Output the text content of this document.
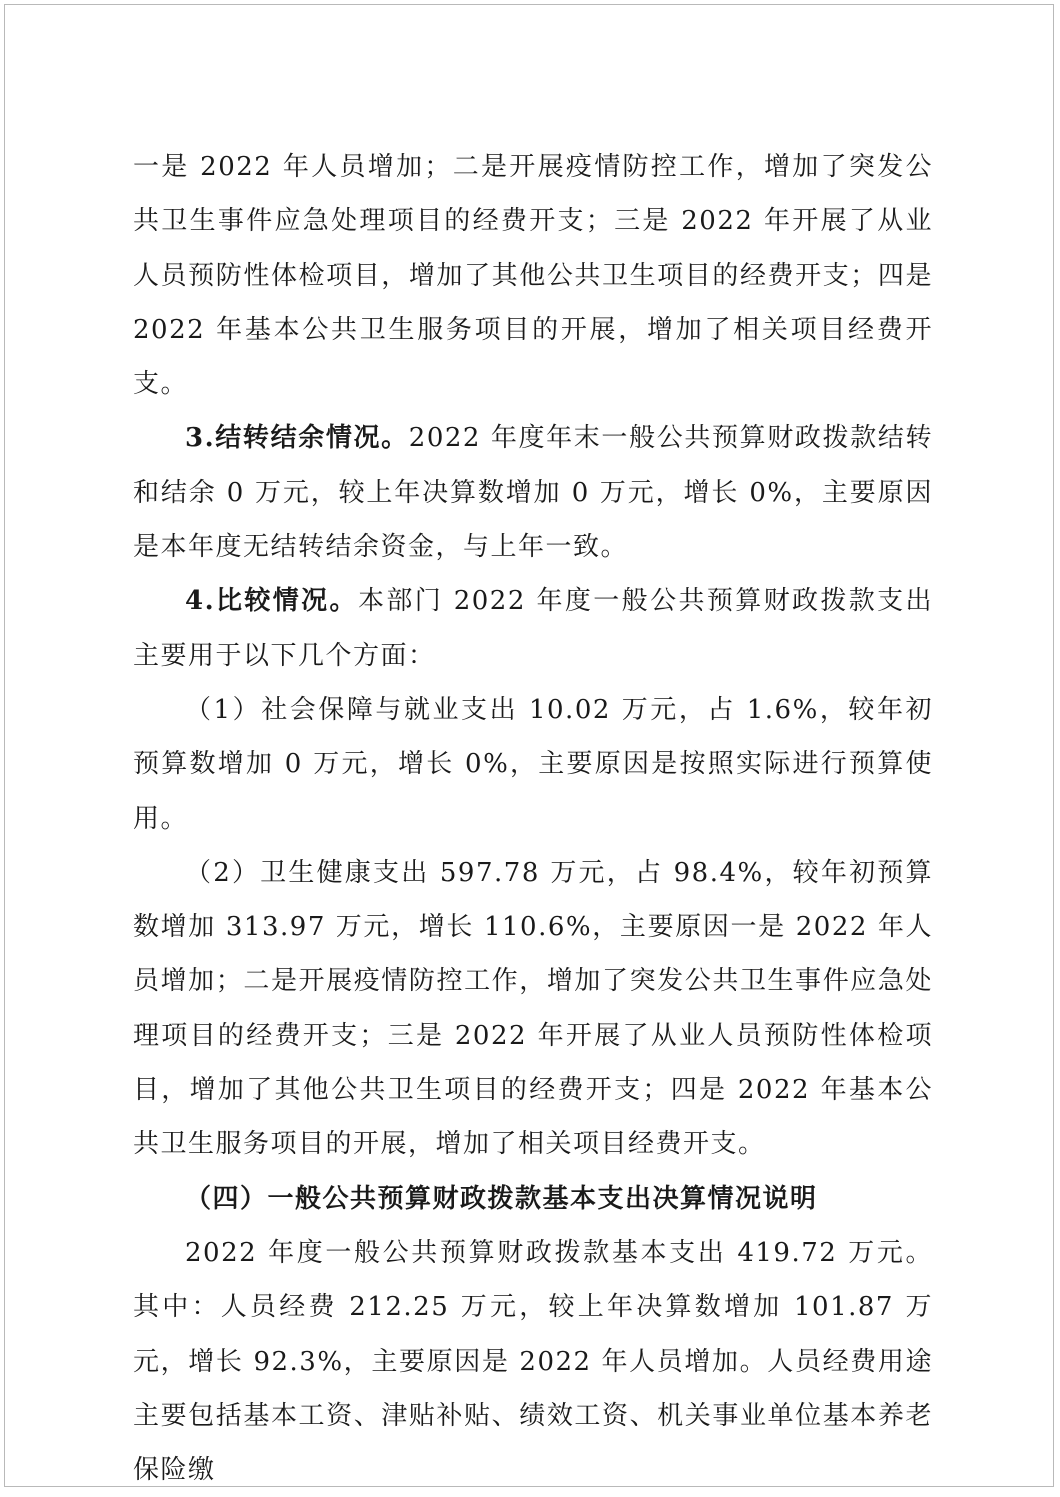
一是 2022 年人员增加；二是开展疫情防控工作，增加了突发公共卫生事件应急处理项目的经费开支；三是 2022 年开展了从业人员预防性体检项目，增加了其他公共卫生项目的经费开支；四是 2022 年基本公共卫生服务项目的开展，增加了相关项目经费开支。

3.结转结余情况。2022 年度年末一般公共预算财政拨款结转和结余 0 万元，较上年决算数增加 0 万元，增长 0%，主要原因是本年度无结转结余资金，与上年一致。

4.比较情况。本部门 2022 年度一般公共预算财政拨款支出主要用于以下几个方面：

（1）社会保障与就业支出 10.02 万元，占 1.6%，较年初预算数增加 0 万元，增长 0%，主要原因是按照实际进行预算使用。

（2）卫生健康支出 597.78 万元，占 98.4%，较年初预算数增加 313.97 万元，增长 110.6%，主要原因一是 2022 年人员增加；二是开展疫情防控工作，增加了突发公共卫生事件应急处理项目的经费开支；三是 2022 年开展了从业人员预防性体检项目，增加了其他公共卫生项目的经费开支；四是 2022 年基本公共卫生服务项目的开展，增加了相关项目经费开支。

（四）一般公共预算财政拨款基本支出决算情况说明

2022 年度一般公共预算财政拨款基本支出 419.72 万元。其中：人员经费 212.25 万元，较上年决算数增加 101.87 万元，增长 92.3%，主要原因是 2022 年人员增加。人员经费用途主要包括基本工资、津贴补贴、绩效工资、机关事业单位基本养老保险缴
